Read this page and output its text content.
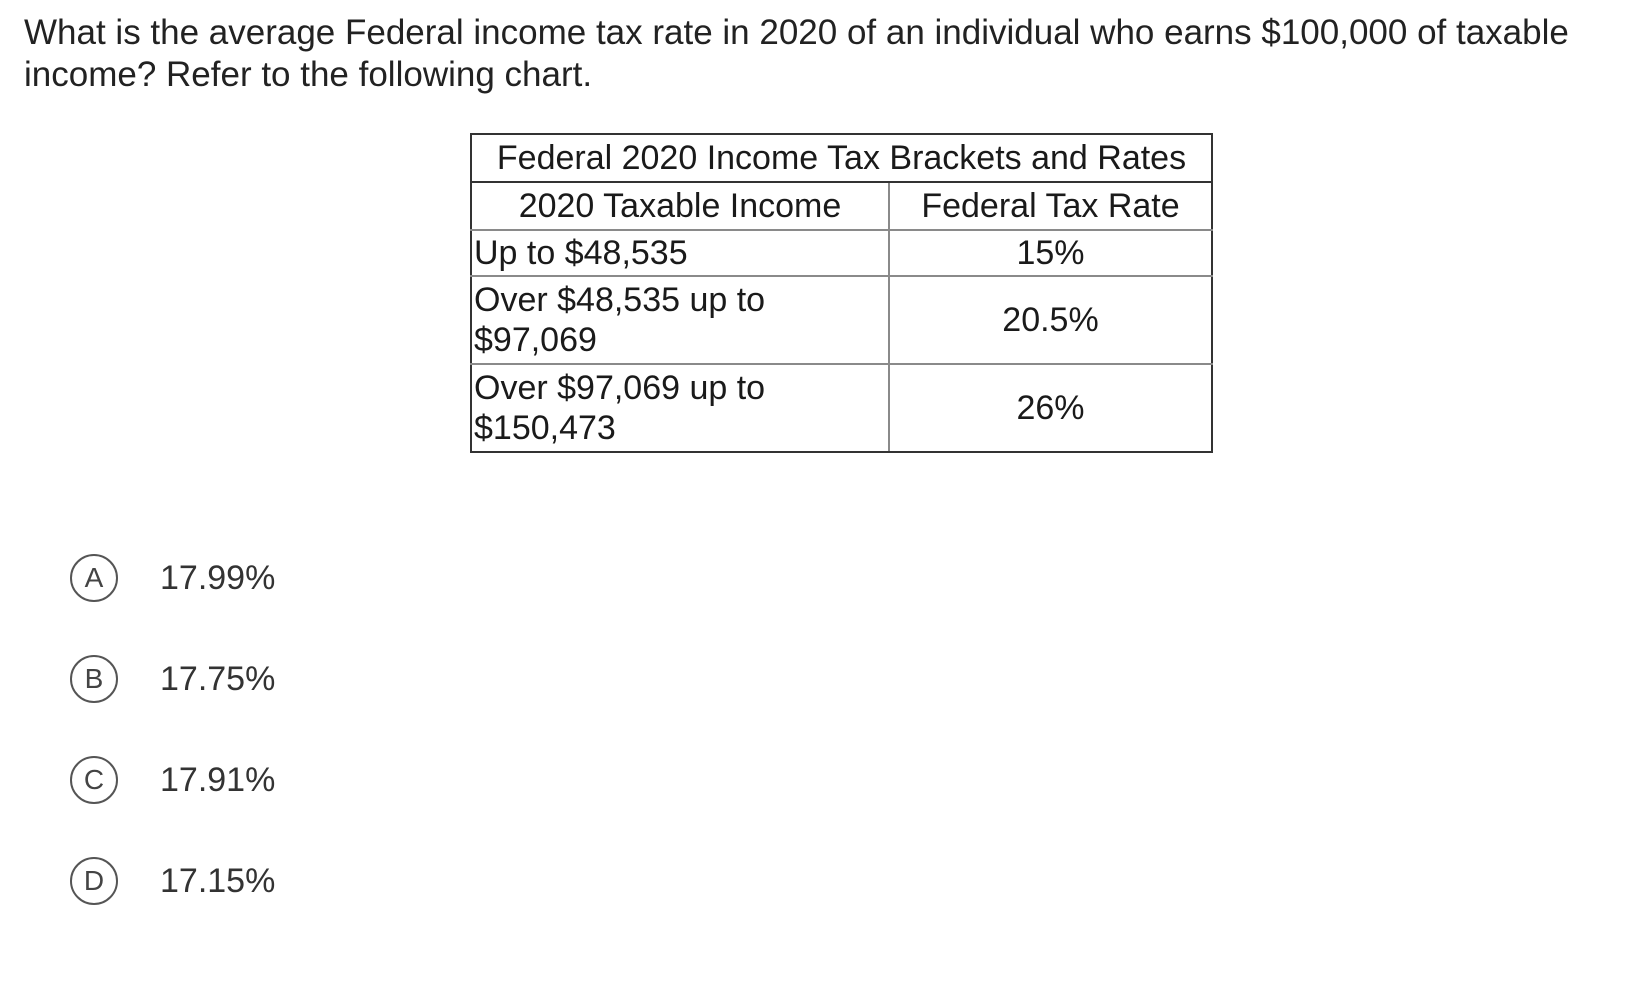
What is the average Federal income tax rate in 2020 of an individual who earns $100,000 of taxable income? Refer to the following chart.

Federal 2020 Income Tax Brackets and Rates	
2020 Taxable Income	Federal Tax Rate

Up to $48,535	15%

Over $48,535 up to
$97,069	20.5%

Over $97,069 up to
$150,473	26%
A	17.99%
B	17.75%
C	17.91%
D	17.15%
